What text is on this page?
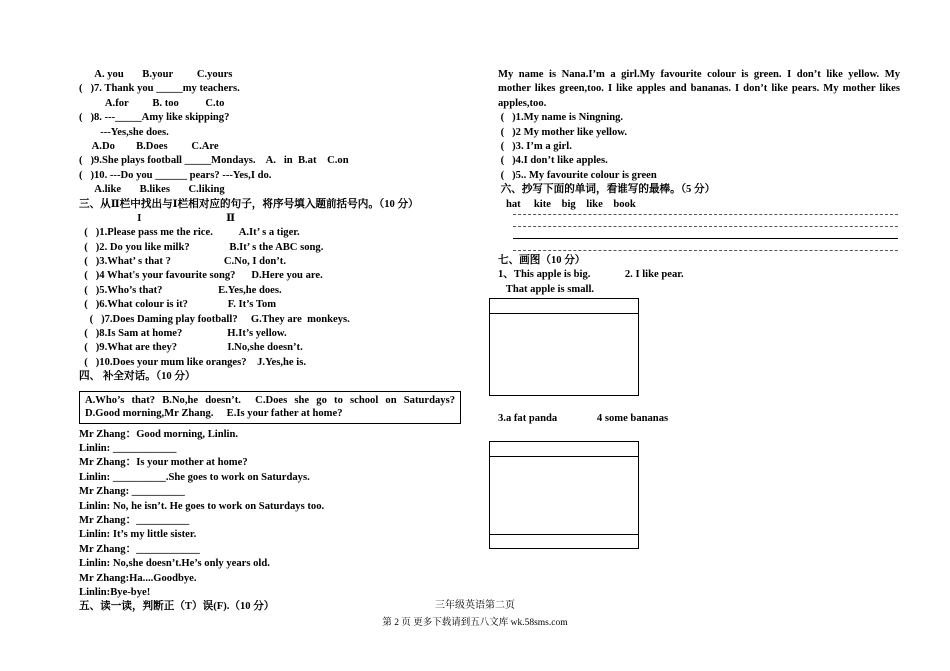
A. you       B.your         C.yours
(   )7. Thank you _____my teachers.
A.for         B. too          C.to
(   )8. ---_____Amy like skipping?
---Yes,she does.
A.Do        B.Does         C.Are
(   )9.She plays football _____Mondays.    A.   in  B.at    C.on
(   )10. ---Do you ______ pears? ---Yes,I do.
A.like       B.likes       C.liking
三、从Ⅱ栏中找出与Ⅰ栏相对应的句子，将序号填入题前括号内。（10 分）
I                                Ⅱ
(   )1.Please pass me the rice.          A.It’ s a tiger.
(   )2. Do you like milk?               B.It’ s the ABC song.
(   )3.What’ s that ?                    C.No, I don’t.
(   )4 What's your favourite song?      D.Here you are.
(   )5.Who’s that?                     E.Yes,he does.
(   )6.What colour is it?               F. It’s Tom
(   )7.Does Daming play football?     G.They are  monkeys.
(   )8.Is Sam at home?                 H.It’s yellow.
(   )9.What are they?                   I.No,she doesn’t.
(   )10.Does your mum like oranges?    J.Yes,he is.
四、 补全对话。（10 分）
A.Who’s  that?  B.No,he  doesn’t.    C.Does  she  go  to  school  on  Saturdays?
D.Good morning,Mr Zhang.     E.Is your father at home?
Mr Zhang：Good morning, Linlin.
Linlin: ____________
Mr Zhang：Is your mother at home?
Linlin: __________.She goes to work on Saturdays.
Mr Zhang: __________
Linlin: No, he isn’t. He goes to work on Saturdays too.
Mr Zhang：__________
Linlin: It’s my little sister.
Mr Zhang：____________
Linlin: No,she doesn’t.He’s only years old.
Mr Zhang:Ha....Goodbye.
Linlin:Bye-bye!
五、读一读，判断正（T）误(F).（10 分）
My name is Nana.I’m a girl.My favourite colour is green. I don’t like yellow. My
mother likes green,too. I like apples and bananas. I don’t like pears. My mother likes
apples,too.
(   )1.My name is Ningning.
(   )2 My mother like yellow.
(   )3. I’m a girl.
(   )4.I don’t like apples.
(   )5.. My favourite colour is green
六、抄写下面的单词，看谁写的最棒。（5 分）
hat     kite    big    like    book
七、画图（10 分）
1、This apple is big.             2. I like pear.
That apple is small.
3.a fat panda               4 some bananas
三年级英语第二页
第 2 页 更多下载请到五八文库 wk.58sms.com
